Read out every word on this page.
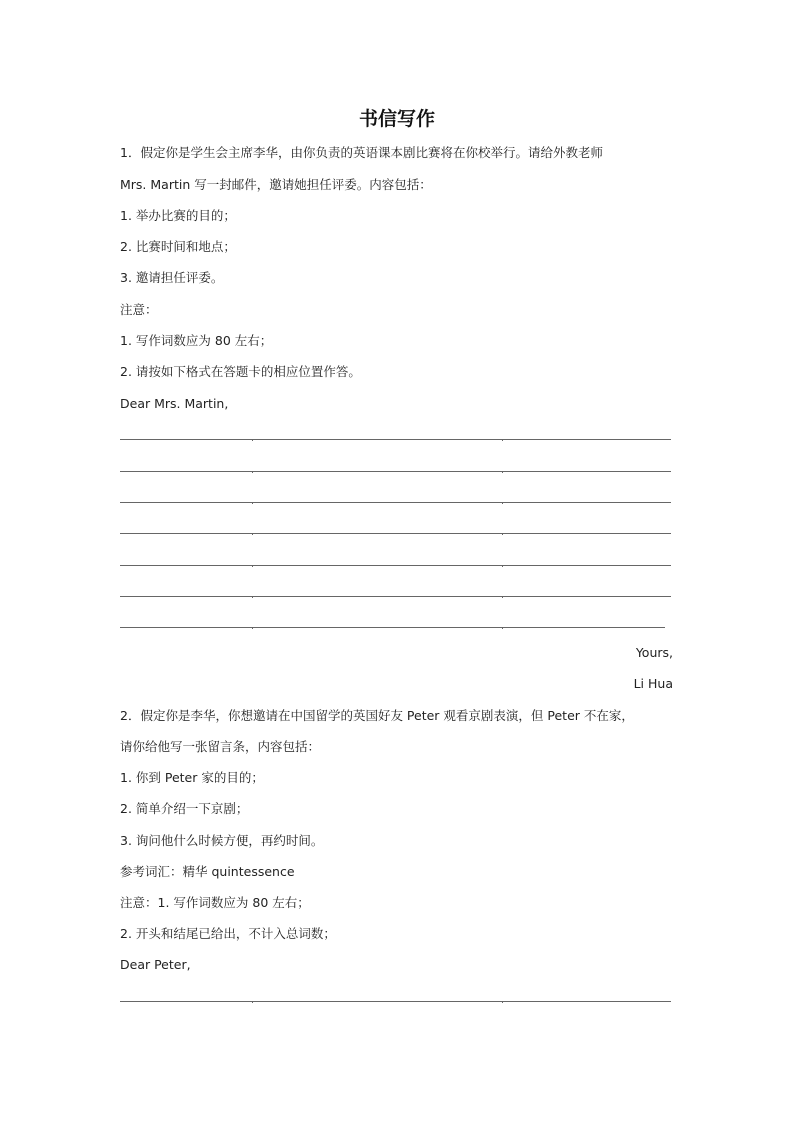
书信写作
1．假定你是学生会主席李华，由你负责的英语课本剧比赛将在你校举行。请给外教老师
Mrs. Martin 写一封邮件，邀请她担任评委。内容包括：
1. 举办比赛的目的；
2. 比赛时间和地点；
3. 邀请担任评委。
注意：
1. 写作词数应为 80 左右；
2. 请按如下格式在答题卡的相应位置作答。
Dear Mrs. Martin,
Yours,
Li Hua
2．假定你是李华，你想邀请在中国留学的英国好友 Peter 观看京剧表演，但 Peter 不在家，
请你给他写一张留言条，内容包括：
1. 你到 Peter 家的目的；
2. 简单介绍一下京剧；
3. 询问他什么时候方便，再约时间。
参考词汇：精华 quintessence
注意：1. 写作词数应为 80 左右；
2. 开头和结尾已给出，不计入总词数；
Dear Peter,
